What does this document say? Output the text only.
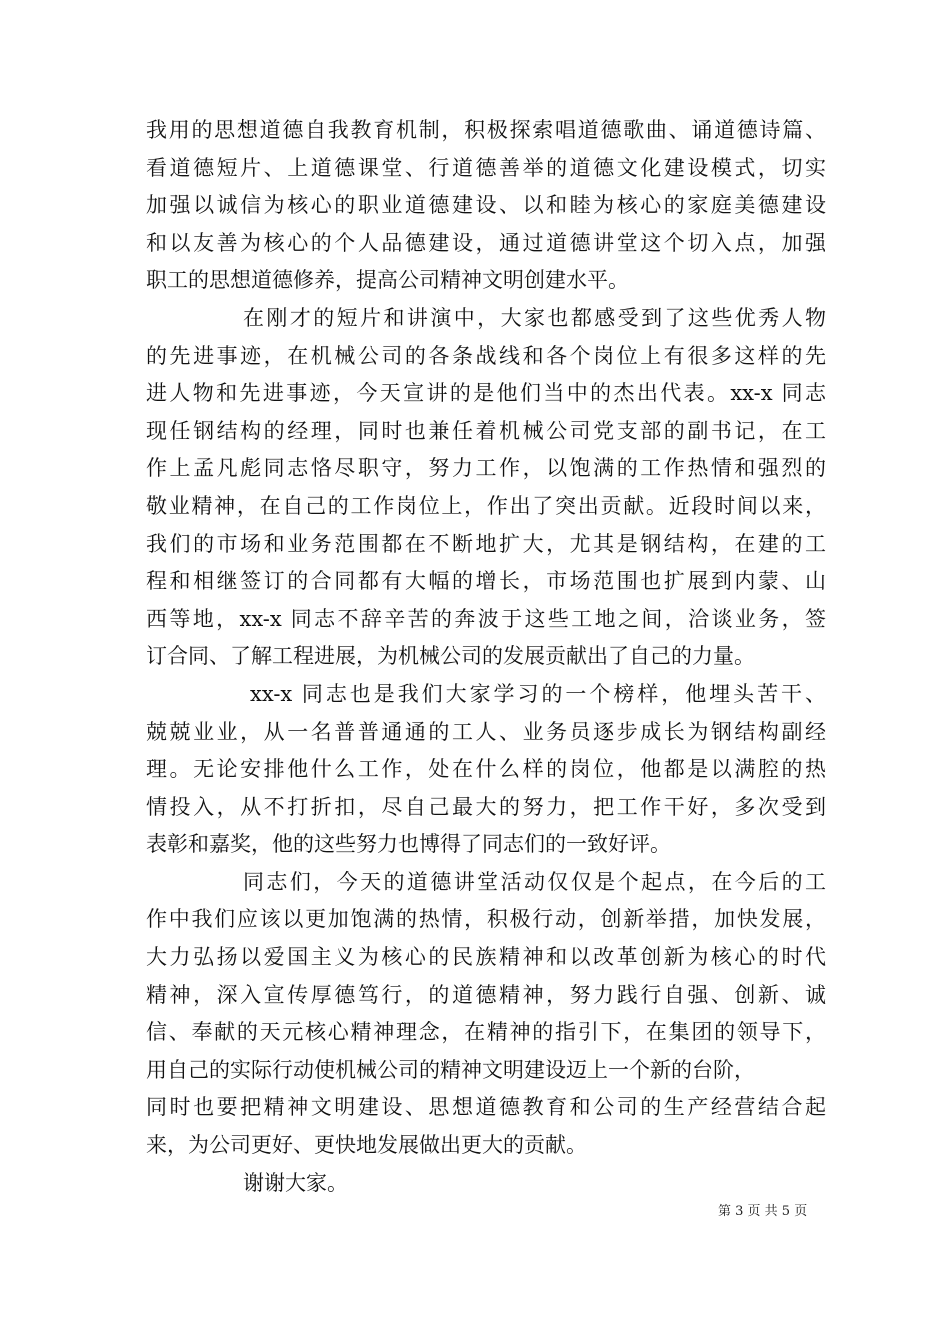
我用的思想道德自我教育机制，积极探索唱道德歌曲、诵道德诗篇、
看道德短片、上道德课堂、行道德善举的道德文化建设模式，切实
加强以诚信为核心的职业道德建设、以和睦为核心的家庭美德建设
和以友善为核心的个人品德建设，通过道德讲堂这个切入点，加强
职工的思想道德修养，提高公司精神文明创建水平。
在刚才的短片和讲演中，大家也都感受到了这些优秀人物
的先进事迹，在机械公司的各条战线和各个岗位上有很多这样的先
进人物和先进事迹，今天宣讲的是他们当中的杰出代表。xx-x 同志
现任钢结构的经理，同时也兼任着机械公司党支部的副书记，在工
作上孟凡彪同志恪尽职守，努力工作，以饱满的工作热情和强烈的
敬业精神，在自己的工作岗位上，作出了突出贡献。近段时间以来，
我们的市场和业务范围都在不断地扩大，尤其是钢结构，在建的工
程和相继签订的合同都有大幅的增长，市场范围也扩展到内蒙、山
西等地，xx-x 同志不辞辛苦的奔波于这些工地之间，洽谈业务，签
订合同、了解工程进展，为机械公司的发展贡献出了自己的力量。
xx-x 同志也是我们大家学习的一个榜样，他埋头苦干、
兢兢业业，从一名普普通通的工人、业务员逐步成长为钢结构副经
理。无论安排他什么工作，处在什么样的岗位，他都是以满腔的热
情投入，从不打折扣，尽自己最大的努力，把工作干好，多次受到
表彰和嘉奖，他的这些努力也博得了同志们的一致好评。
同志们，今天的道德讲堂活动仅仅是个起点，在今后的工
作中我们应该以更加饱满的热情，积极行动，创新举措，加快发展，
大力弘扬以爱国主义为核心的民族精神和以改革创新为核心的时代
精神，深入宣传厚德笃行，的道德精神，努力践行自强、创新、诚
信、奉献的天元核心精神理念，在精神的指引下，在集团的领导下，
用自己的实际行动使机械公司的精神文明建设迈上一个新的台阶，
同时也要把精神文明建设、思想道德教育和公司的生产经营结合起
来，为公司更好、更快地发展做出更大的贡献。
谢谢大家。
第 3 页 共 5 页
